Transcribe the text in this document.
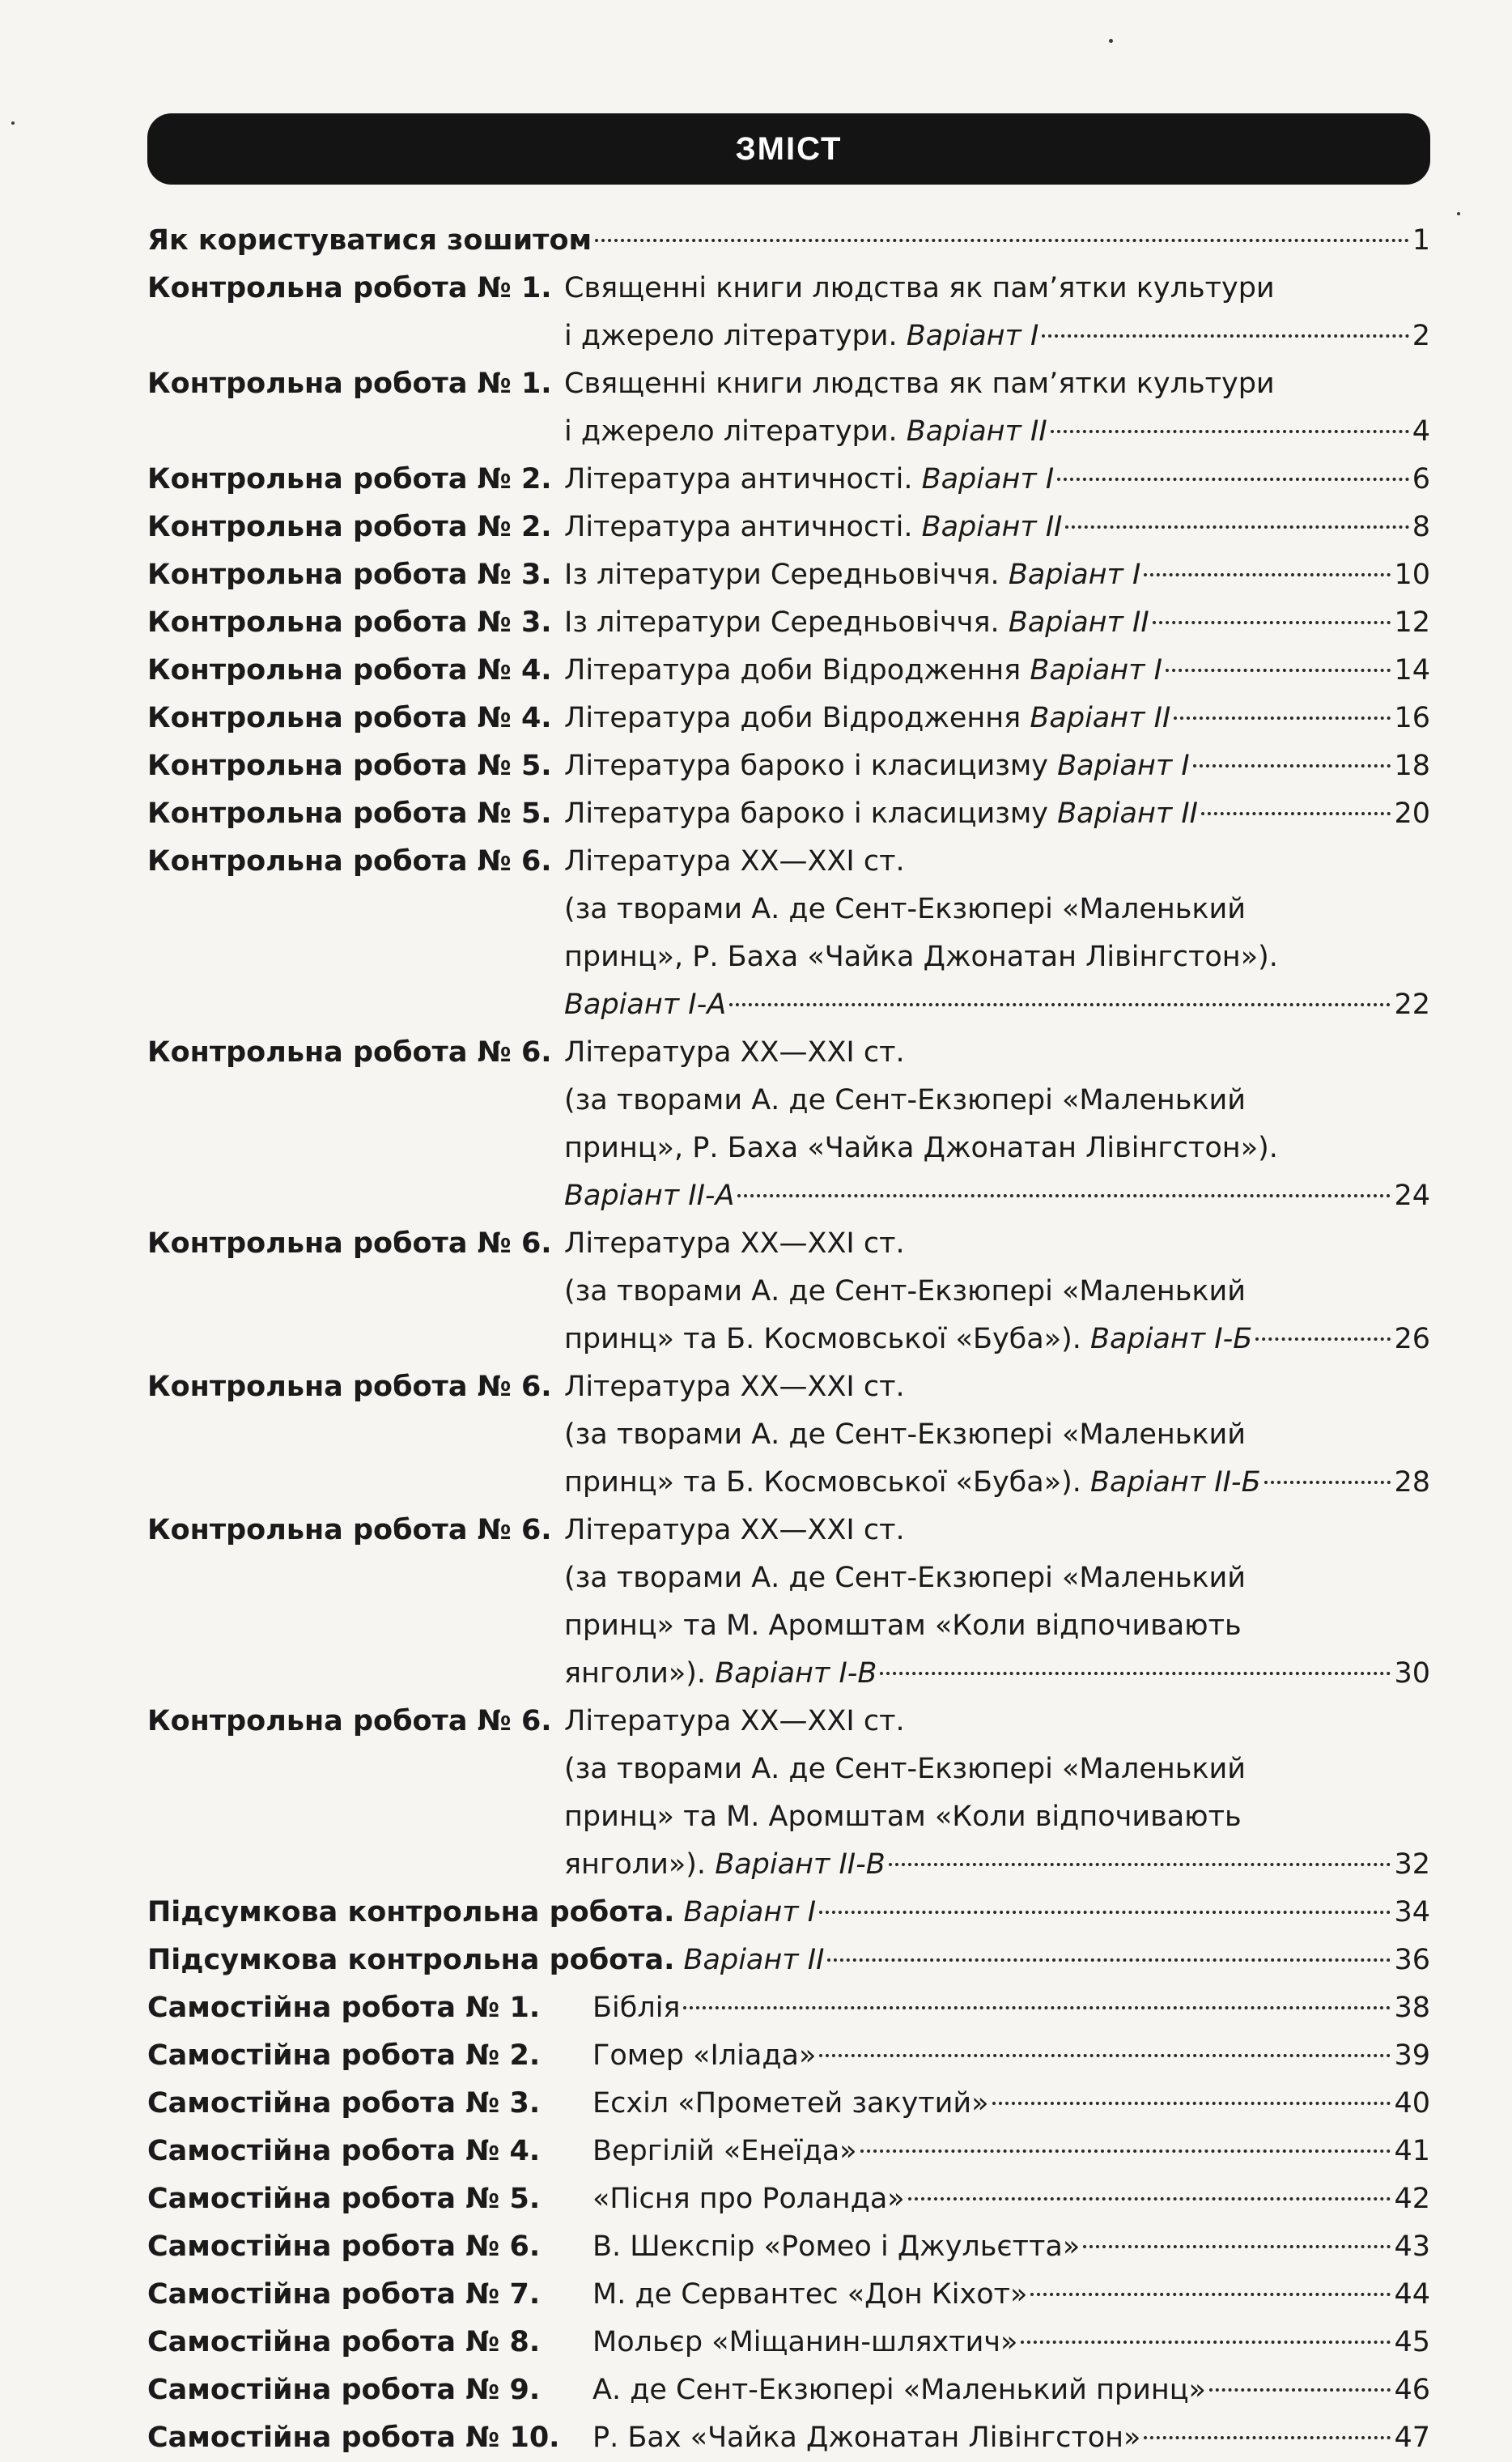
ЗМІСТ
Як користуватися зошитом	1
Контрольна робота № 1. Священні книги людства як пам’ятки культури
і джерело літератури. Варіант І	2
Контрольна робота № 1. Священні книги людства як пам’ятки культури
і джерело літератури. Варіант ІІ	4
Контрольна робота № 2. Література античності. Варіант І	6
Контрольна робота № 2. Література античності. Варіант ІІ	8
Контрольна робота № 3. Із літератури Середньовіччя. Варіант І	10
Контрольна робота № 3. Із літератури Середньовіччя. Варіант ІІ	12
Контрольна робота № 4. Література доби Відродження Варіант І	14
Контрольна робота № 4. Література доби Відродження Варіант ІІ	16
Контрольна робота № 5. Література бароко і класицизму Варіант І	18
Контрольна робота № 5. Література бароко і класицизму Варіант ІІ	20
Контрольна робота № 6. Література ХХ—ХХІ ст.
(за творами А. де Сент-Екзюпері «Маленький
принц», Р. Баха «Чайка Джонатан Лівінгстон»).
Варіант І-А	22
Контрольна робота № 6. Література ХХ—ХХІ ст.
(за творами А. де Сент-Екзюпері «Маленький
принц», Р. Баха «Чайка Джонатан Лівінгстон»).
Варіант ІІ-А	24
Контрольна робота № 6. Література ХХ—ХХІ ст.
(за творами А. де Сент-Екзюпері «Маленький
принц» та Б. Космовської «Буба»). Варіант І-Б	26
Контрольна робота № 6. Література ХХ—ХХІ ст.
(за творами А. де Сент-Екзюпері «Маленький
принц» та Б. Космовської «Буба»). Варіант ІІ-Б	28
Контрольна робота № 6. Література ХХ—ХХІ ст.
(за творами А. де Сент-Екзюпері «Маленький
принц» та М. Аромштам «Коли відпочивають
янголи»). Варіант І-В	30
Контрольна робота № 6. Література ХХ—ХХІ ст.
(за творами А. де Сент-Екзюпері «Маленький
принц» та М. Аромштам «Коли відпочивають
янголи»). Варіант ІІ-В	32
Підсумкова контрольна робота.
Варіант І	34
Підсумкова контрольна робота.
Варіант ІІ	36
Самостійна робота № 1.	Біблія	38
Самостійна робота № 2.	Гомер «Іліада»	39
Самостійна робота № 3.	Есхіл «Прометей закутий»	40
Самостійна робота № 4.	Вергілій «Енеїда»	41
Самостійна робота № 5.	«Пісня про Роланда»	42
Самостійна робота № 6.	В. Шекспір «Ромео і Джульєтта»	43
Самостійна робота № 7.	М. де Сервантес «Дон Кіхот»	44
Самостійна робота № 8.	Мольєр «Міщанин-шляхтич»	45
Самостійна робота № 9.	А. де Сент-Екзюпері «Маленький принц»	46
Самостійна робота № 10.	Р. Бах «Чайка Джонатан Лівінгстон»	47
